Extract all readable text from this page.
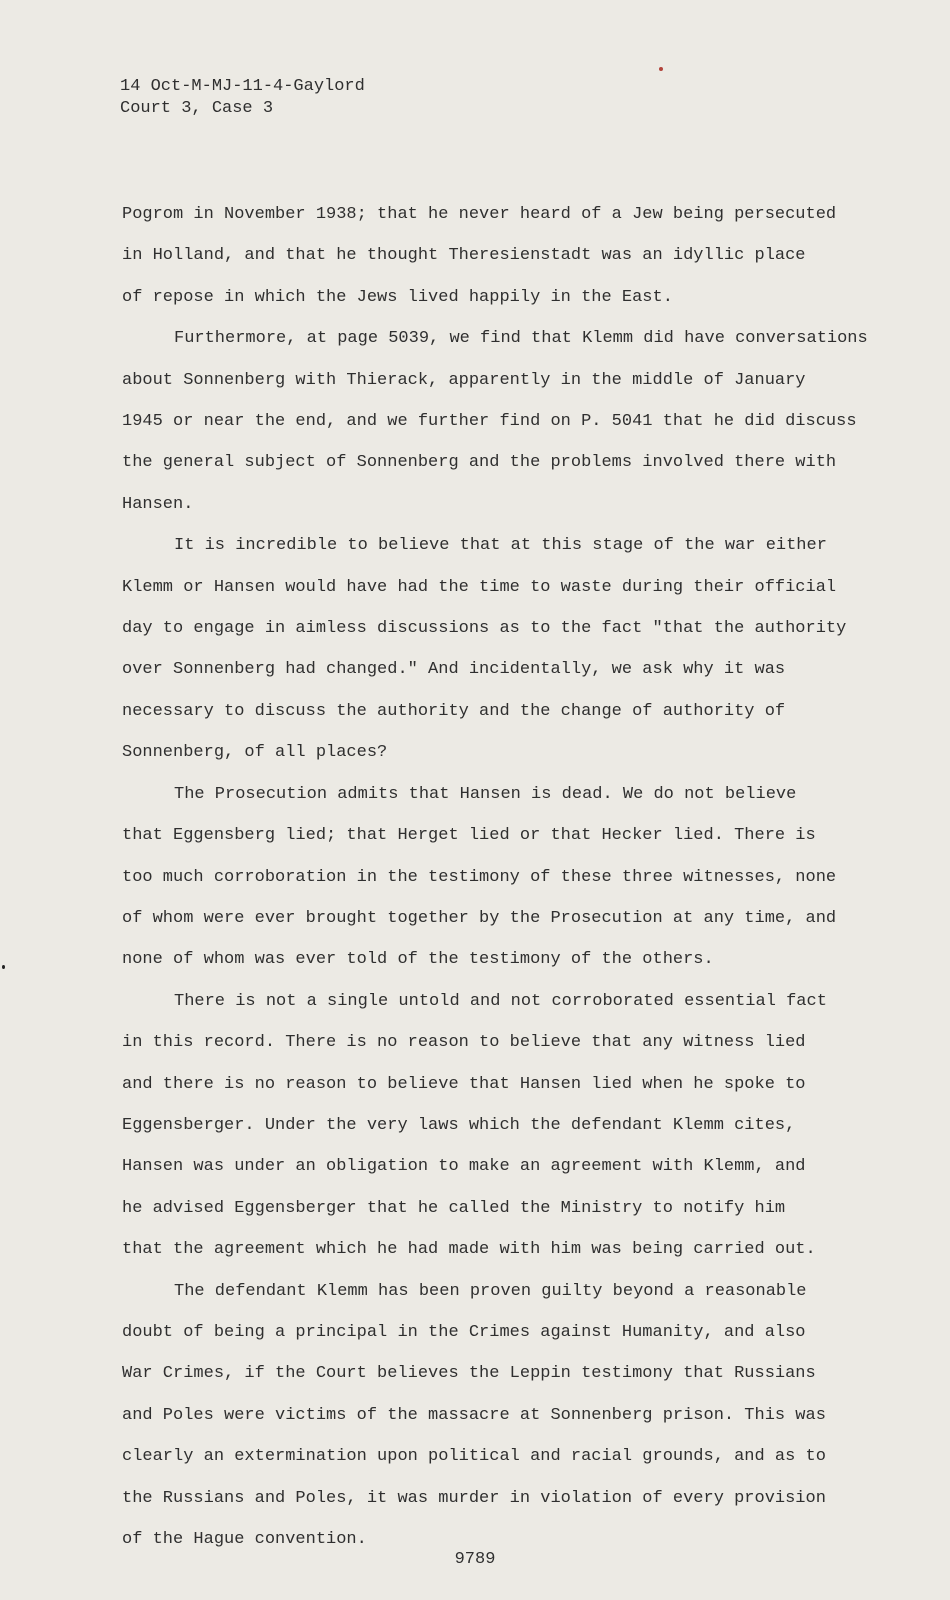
14 Oct-M-MJ-11-4-Gaylord
Court 3, Case 3
Pogrom in November 1938; that he never heard of a Jew being persecuted
in Holland, and that he thought Theresienstadt was an idyllic place
of repose in which the Jews lived happily in the East.
Furthermore, at page 5039, we find that Klemm did have conversations
about Sonnenberg with Thierack, apparently in the middle of January
1945 or near the end, and we further find on P. 5041 that he did discuss
the general subject of Sonnenberg and the problems involved there with
Hansen.
It is incredible to believe that at this stage of the war either
Klemm or Hansen would have had the time to waste during their official
day to engage in aimless discussions as to the fact "that the authority
over Sonnenberg had changed." And incidentally, we ask why it was
necessary to discuss the authority and the change of authority of
Sonnenberg, of all places?
The Prosecution admits that Hansen is dead. We do not believe
that Eggensberg lied; that Herget lied or that Hecker lied. There is
too much corroboration in the testimony of these three witnesses, none
of whom were ever brought together by the Prosecution at any time, and
none of whom was ever told of the testimony of the others.
There is not a single untold and not corroborated essential fact
in this record. There is no reason to believe that any witness lied
and there is no reason to believe that Hansen lied when he spoke to
Eggensberger. Under the very laws which the defendant Klemm cites,
Hansen was under an obligation to make an agreement with Klemm, and
he advised Eggensberger that he called the Ministry to notify him
that the agreement which he had made with him was being carried out.
The defendant Klemm has been proven guilty beyond a reasonable
doubt of being a principal in the Crimes against Humanity, and also
War Crimes, if the Court believes the Leppin testimony that Russians
and Poles were victims of the massacre at Sonnenberg prison. This was
clearly an extermination upon political and racial grounds, and as to
the Russians and Poles, it was murder in violation of every provision
of the Hague convention.
9789
